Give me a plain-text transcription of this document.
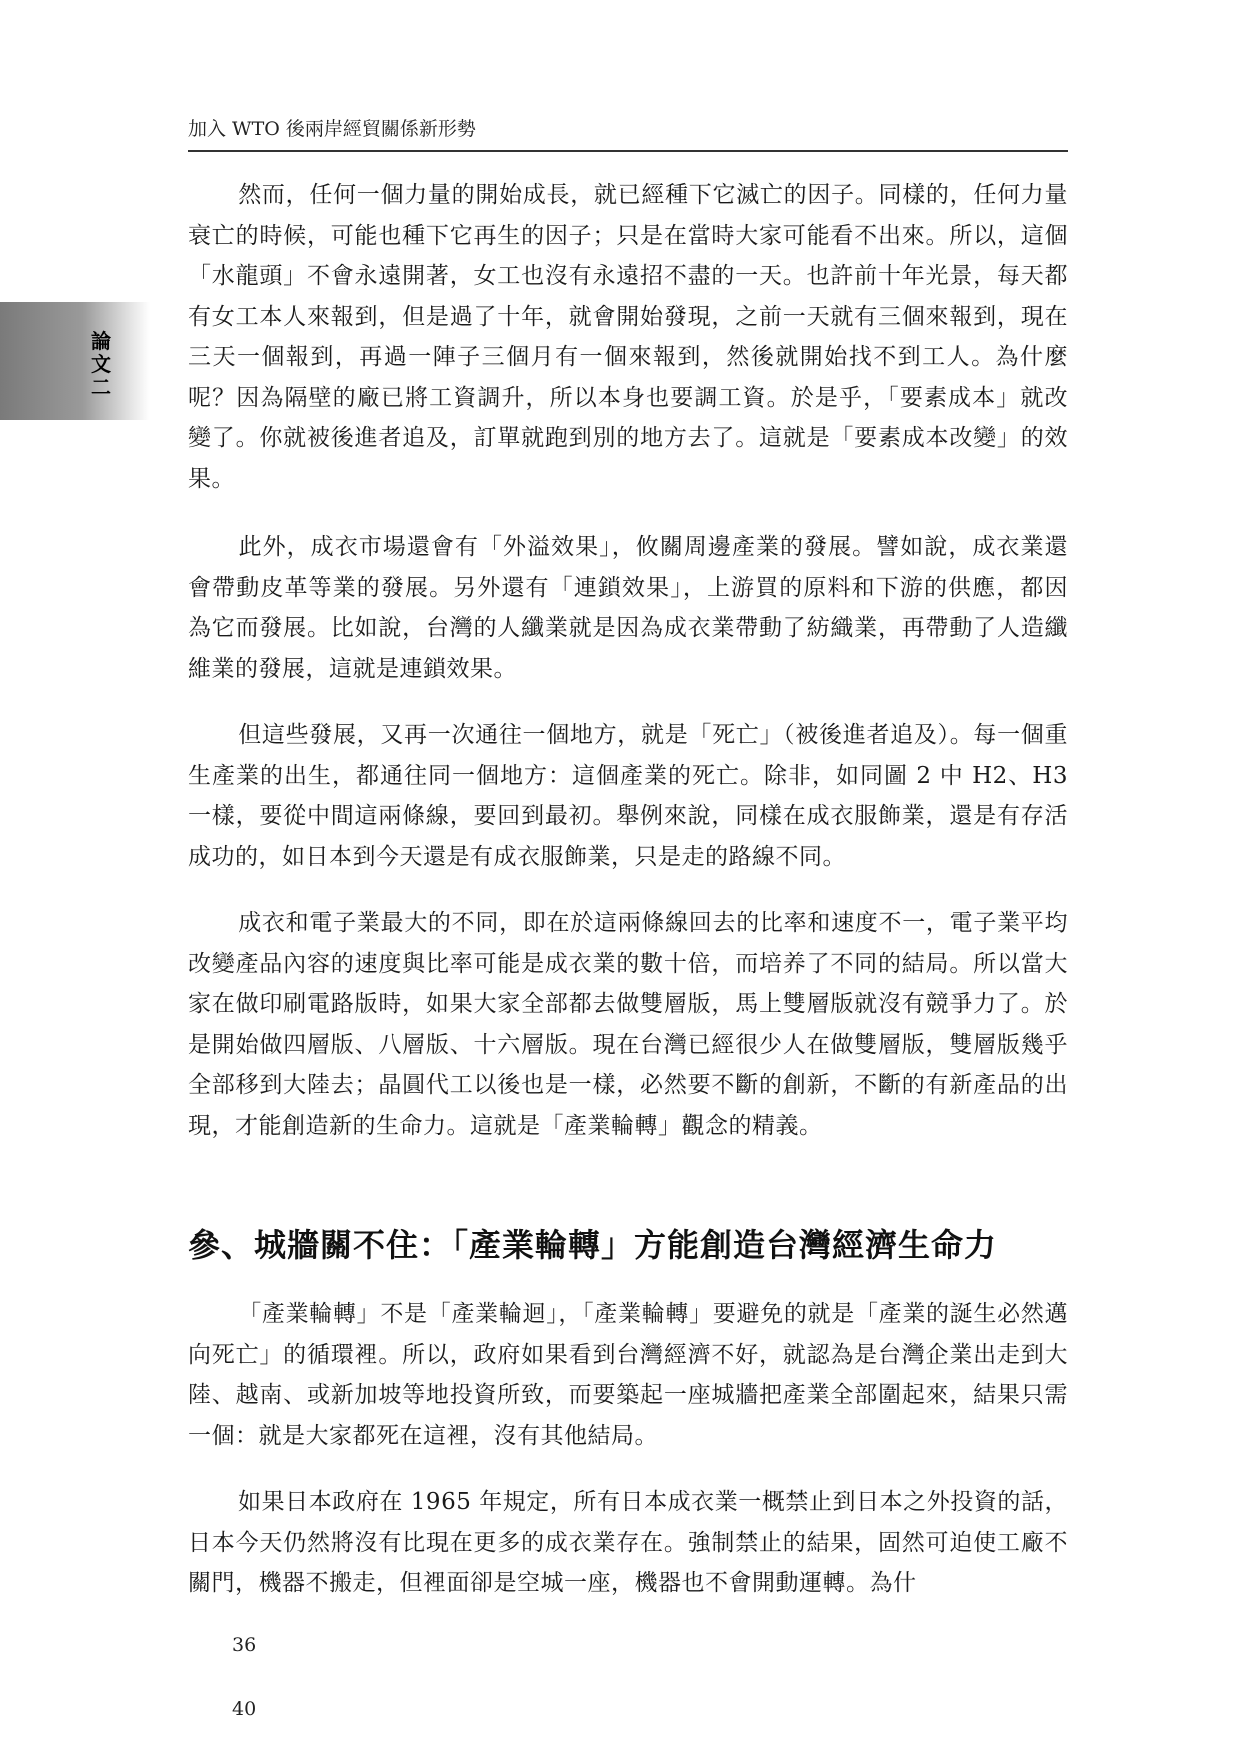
加入 WTO 後兩岸經貿關係新形勢
論文二

然而，任何一個力量的開始成長，就已經種下它滅亡的因子。同樣的，任何力量衰亡的時候，可能也種下它再生的因子；只是在當時大家可能看不出來。所以，這個「水龍頭」不會永遠開著，女工也沒有永遠招不盡的一天。也許前十年光景，每天都有女工本人來報到，但是過了十年，就會開始發現，之前一天就有三個來報到，現在三天一個報到，再過一陣子三個月有一個來報到，然後就開始找不到工人。為什麼呢？因為隔壁的廠已將工資調升，所以本身也要調工資。於是乎，「要素成本」就改變了。你就被後進者追及，訂單就跑到別的地方去了。這就是「要素成本改變」的效果。

此外，成衣市場還會有「外溢效果」，攸關周邊產業的發展。譬如說，成衣業還會帶動皮革等業的發展。另外還有「連鎖效果」，上游買的原料和下游的供應，都因為它而發展。比如說，台灣的人纖業就是因為成衣業帶動了紡織業，再帶動了人造纖維業的發展，這就是連鎖效果。

但這些發展，又再一次通往一個地方，就是「死亡」（被後進者追及）。每一個重生產業的出生，都通往同一個地方：這個產業的死亡。除非，如同圖 2 中 H2、H3 一樣，要從中間這兩條線，要回到最初。舉例來說，同樣在成衣服飾業，還是有存活成功的，如日本到今天還是有成衣服飾業，只是走的路線不同。

成衣和電子業最大的不同，即在於這兩條線回去的比率和速度不一，電子業平均改變產品內容的速度與比率可能是成衣業的數十倍，而培养了不同的結局。所以當大家在做印刷電路版時，如果大家全部都去做雙層版，馬上雙層版就沒有競爭力了。於是開始做四層版、八層版、十六層版。現在台灣已經很少人在做雙層版，雙層版幾乎全部移到大陸去；晶圓代工以後也是一樣，必然要不斷的創新，不斷的有新產品的出現，才能創造新的生命力。這就是「產業輪轉」觀念的精義。

參、城牆關不住：「產業輪轉」方能創造台灣經濟生命力

「產業輪轉」不是「產業輪迴」，「產業輪轉」要避免的就是「產業的誕生必然邁向死亡」的循環裡。所以，政府如果看到台灣經濟不好，就認為是台灣企業出走到大陸、越南、或新加坡等地投資所致，而要築起一座城牆把產業全部圍起來，結果只需一個：就是大家都死在這裡，沒有其他結局。

如果日本政府在 1965 年規定，所有日本成衣業一概禁止到日本之外投資的話，日本今天仍然將沒有比現在更多的成衣業存在。強制禁止的結果，固然可迫使工廠不關門，機器不搬走，但裡面卻是空城一座，機器也不會開動運轉。為什

36
40
